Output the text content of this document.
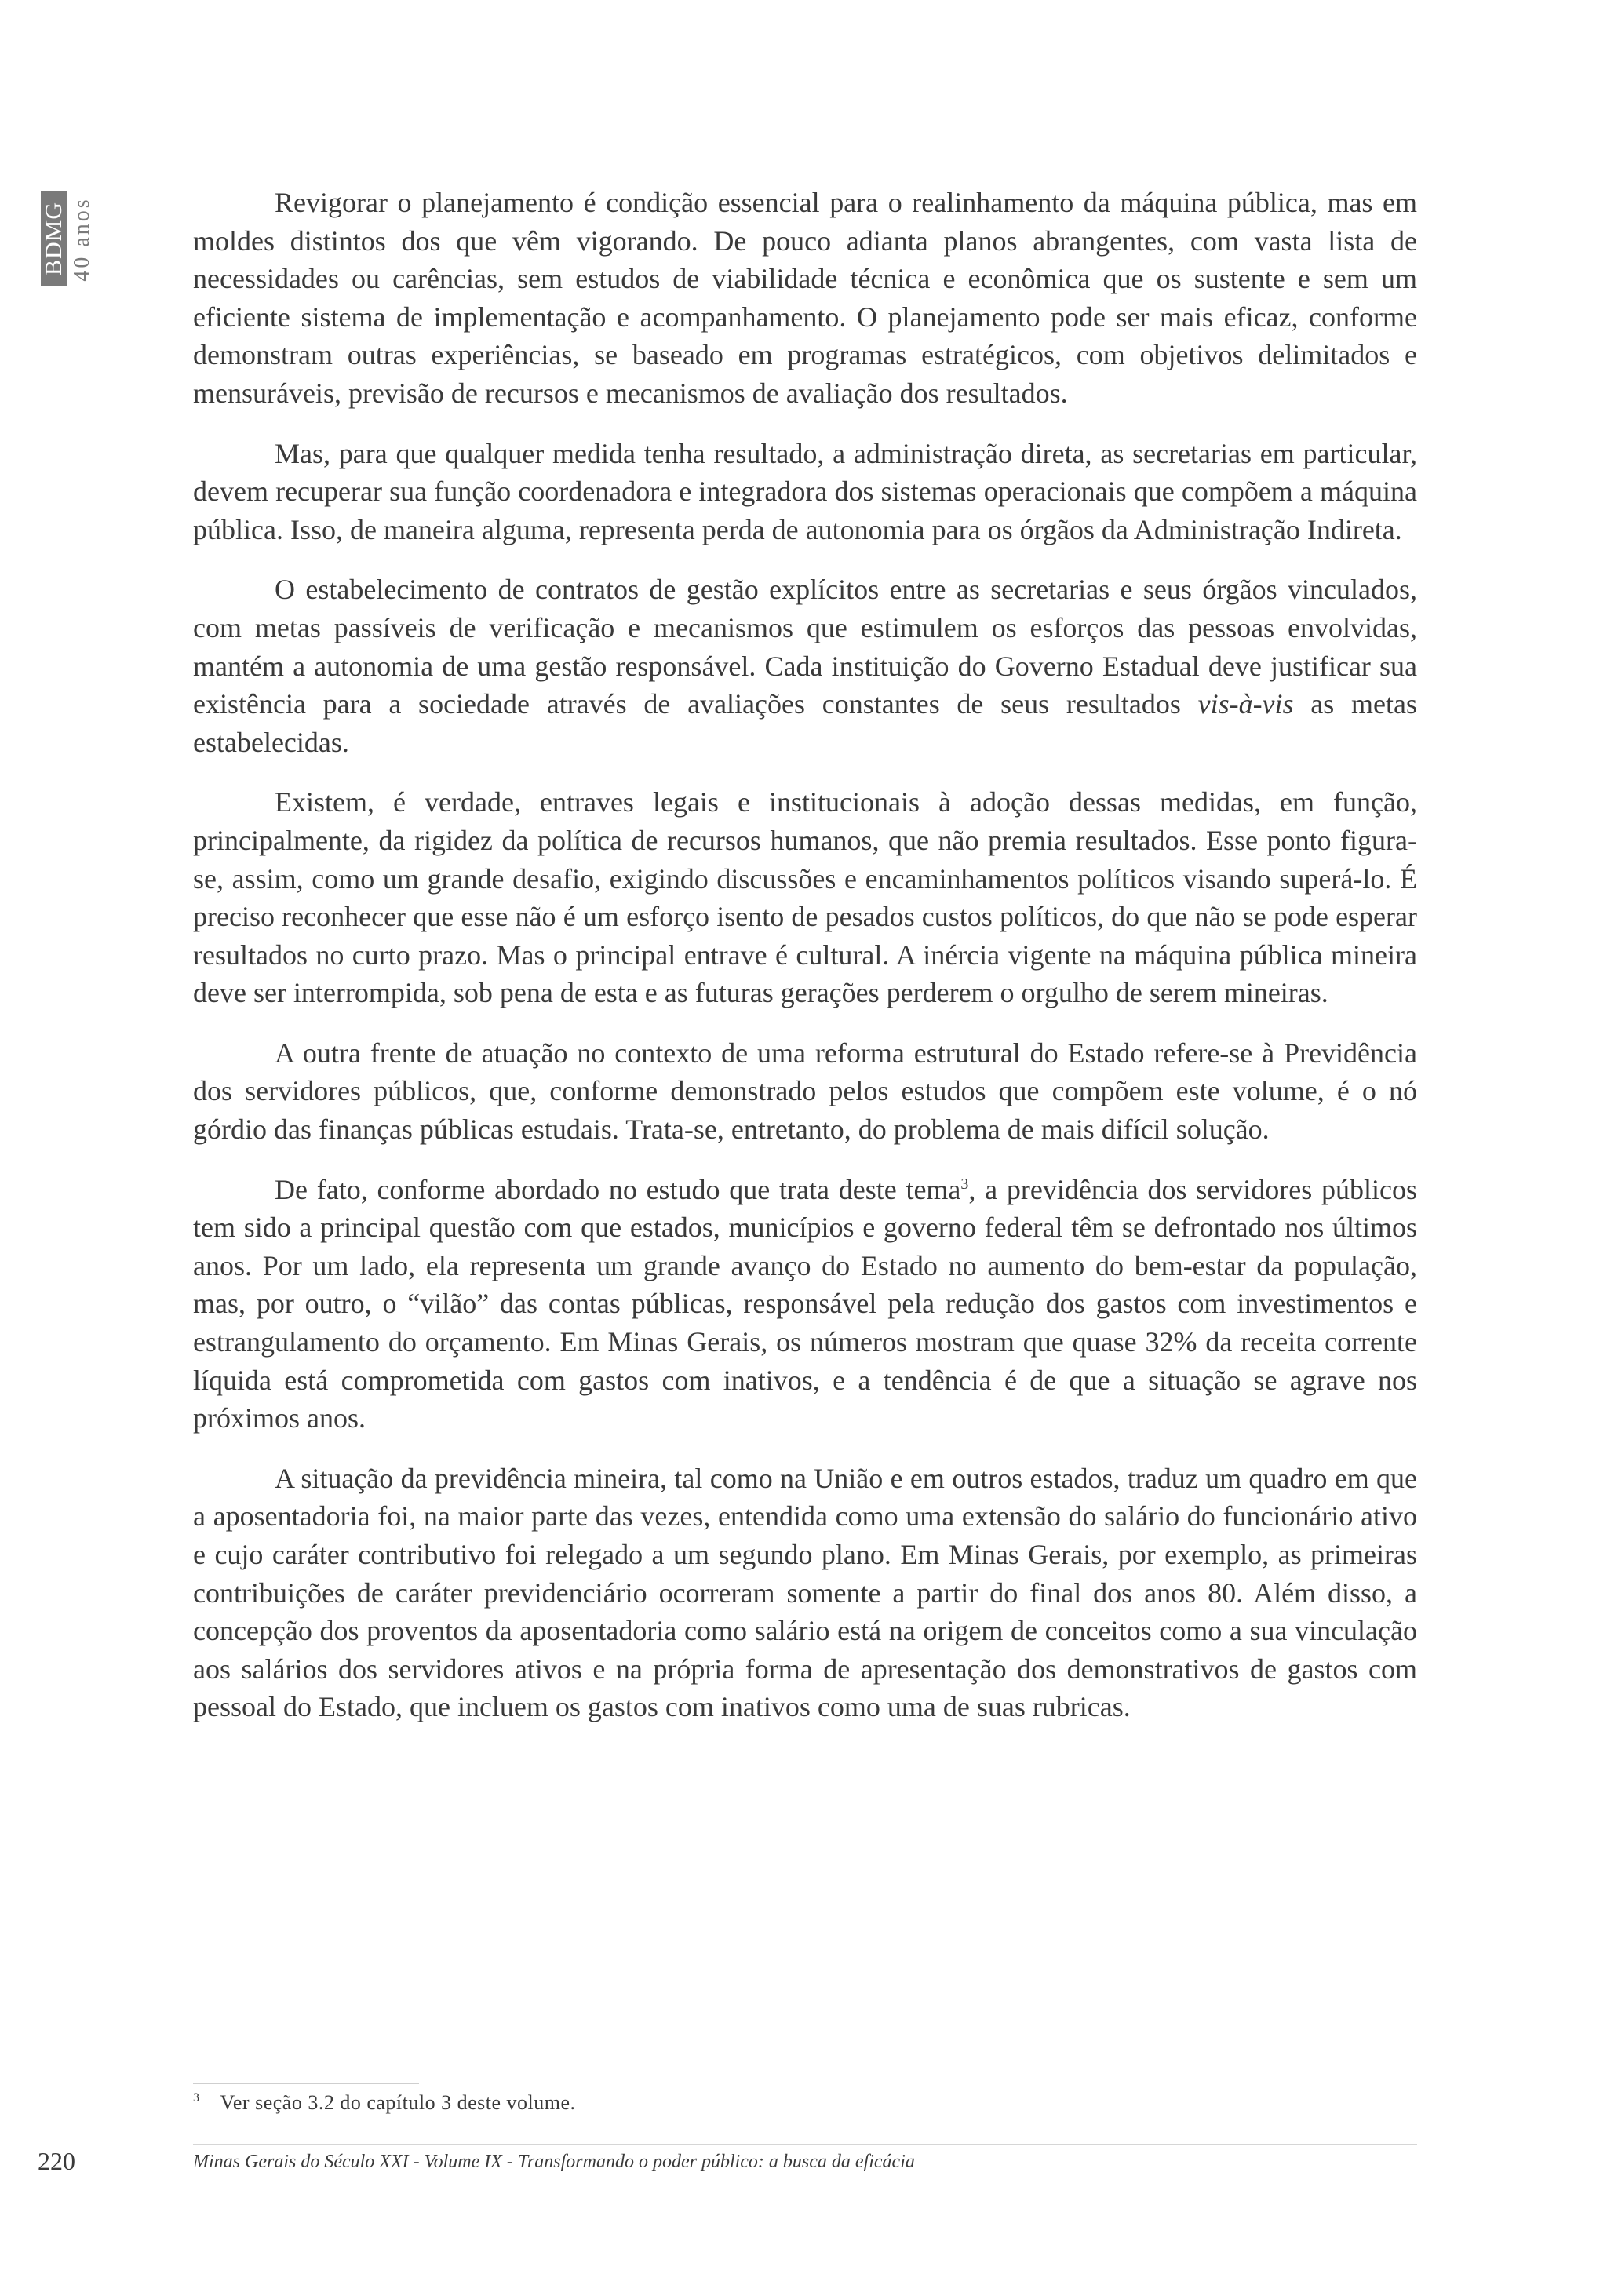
BDMG 40 anos	Revigorar o planejamento é condição essencial para o realinhamento da máquina pública, mas em moldes distintos dos que vêm vigorando. De pouco adianta planos abrangentes, com vasta lista de necessidades ou carências, sem estudos de viabilidade técnica e econômica que os sustente e sem um eficiente sistema de implementação e acompanhamento. O planejamento pode ser mais eficaz, conforme demonstram outras experiências, se baseado em programas estratégicos, com objetivos delimitados e mensuráveis, previsão de recursos e mecanismos de avaliação dos resultados.

Mas, para que qualquer medida tenha resultado, a administração direta, as secretarias em particular, devem recuperar sua função coordenadora e integradora dos sistemas operacionais que compõem a máquina pública. Isso, de maneira alguma, representa perda de autonomia para os órgãos da Administração Indireta.

O estabelecimento de contratos de gestão explícitos entre as secretarias e seus órgãos vinculados, com metas passíveis de verificação e mecanismos que estimulem os esforços das pessoas envolvidas, mantém a autonomia de uma gestão responsável. Cada instituição do Governo Estadual deve justificar sua existência para a sociedade através de avaliações constantes de seus resultados vis-à-vis as metas estabelecidas.

Existem, é verdade, entraves legais e institucionais à adoção dessas medidas, em função, principalmente, da rigidez da política de recursos humanos, que não premia resultados. Esse ponto figura-se, assim, como um grande desafio, exigindo discussões e encaminhamentos políticos visando superá-lo. É preciso reconhecer que esse não é um esforço isento de pesados custos políticos, do que não se pode esperar resultados no curto prazo. Mas o principal entrave é cultural. A inércia vigente na máquina pública mineira deve ser interrompida, sob pena de esta e as futuras gerações perderem o orgulho de serem mineiras.

A outra frente de atuação no contexto de uma reforma estrutural do Estado refere-se à Previdência dos servidores públicos, que, conforme demonstrado pelos estudos que compõem este volume, é o nó górdio das finanças públicas estudais. Trata-se, entretanto, do problema de mais difícil solução.

De fato, conforme abordado no estudo que trata deste tema$^3$, a previdência dos servidores públicos tem sido a principal questão com que estados, municípios e governo federal têm se defrontado nos últimos anos. Por um lado, ela representa um grande avanço do Estado no aumento do bem-estar da população, mas, por outro, o “vilão” das contas públicas, responsável pela redução dos gastos com investimentos e estrangulamento do orçamento. Em Minas Gerais, os números mostram que quase 32% da receita corrente líquida está comprometida com gastos com inativos, e a tendência é de que a situação se agrave nos próximos anos.

A situação da previdência mineira, tal como na União e em outros estados, traduz um quadro em que a aposentadoria foi, na maior parte das vezes, entendida como uma extensão do salário do funcionário ativo e cujo caráter contributivo foi relegado a um segundo plano. Em Minas Gerais, por exemplo, as primeiras contribuições de caráter previdenciário ocorreram somente a partir do final dos anos 80. Além disso, a concepção dos proventos da aposentadoria como salário está na origem de conceitos como a sua vinculação aos salários dos servidores ativos e na própria forma de apresentação dos demonstrativos de gastos com pessoal do Estado, que incluem os gastos com inativos como uma de suas rubricas.

$^3$ Ver seção 3.2 do capítulo 3 deste volume.
220	Minas Gerais do Século XXI - Volume IX - Transformando o poder público: a busca da eficácia
